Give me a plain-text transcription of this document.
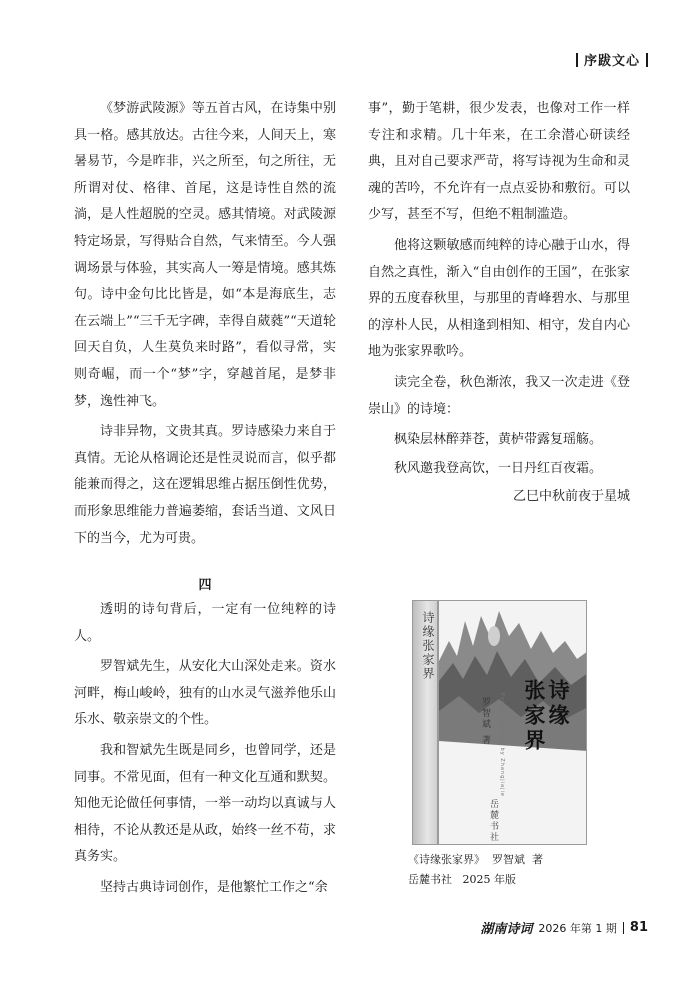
序跋文心

《梦游武陵源》等五首古风，在诗集中别具一格。感其放达。古往今来，人间天上，寒暑易节，今是昨非，兴之所至，句之所往，无所谓对仗、格律、首尾，这是诗性自然的流淌，是人性超脱的空灵。感其情境。对武陵源特定场景，写得贴合自然，气来情至。今人强调场景与体验，其实高人一筹是情境。感其炼句。诗中金句比比皆是，如“本是海底生，志在云端上”“三千无字碑，幸得自葳蕤”“天道轮回天自负，人生莫负来时路”，看似寻常，实则奇崛，而一个“梦”字，穿越首尾，是梦非梦，逸性神飞。

诗非异物，文贵其真。罗诗感染力来自于真情。无论从格调论还是性灵说而言，似乎都能兼而得之，这在逻辑思维占据压倒性优势，而形象思维能力普遍萎缩，套话当道、文风日下的当今，尤为可贵。

四

透明的诗句背后，一定有一位纯粹的诗人。

罗智斌先生，从安化大山深处走来。资水河畔，梅山峻岭，独有的山水灵气滋养他乐山乐水、敬亲崇文的个性。

我和智斌先生既是同乡，也曾同学，还是同事。不常见面，但有一种文化互通和默契。知他无论做任何事情，一举一动均以真诚与人相待，不论从教还是从政，始终一丝不苟，求真务实。

坚持古典诗词创作，是他繁忙工作之“余

事”，勤于笔耕，很少发表，也像对工作一样专注和求精。几十年来，在工余潜心研读经典，且对自己要求严苛，将写诗视为生命和灵魂的苦吟，不允许有一点点妥协和敷衍。可以少写，甚至不写，但绝不粗制滥造。

他将这颗敏感而纯粹的诗心融于山水，得自然之真性，渐入“自由创作的王国”，在张家界的五度春秋里，与那里的青峰碧水、与那里的淳朴人民，从相逢到相知、相守，发自内心地为张家界歌吟。

读完全卷，秋色渐浓，我又一次走进《登崇山》的诗境：

枫染层林醉莽苍，黄栌带露复瑶觞。

秋风邀我登高饮，一日丹红百夜霜。

乙巳中秋前夜于星城

诗缘张家界
诗缘
张家界
Poems inspired by Zhangjiajie
罗智斌 著
岳麓书社
《诗缘张家界》  罗智斌  著
岳麓书社   2025 年版
湖南诗词 2026 年第 1 期 81
